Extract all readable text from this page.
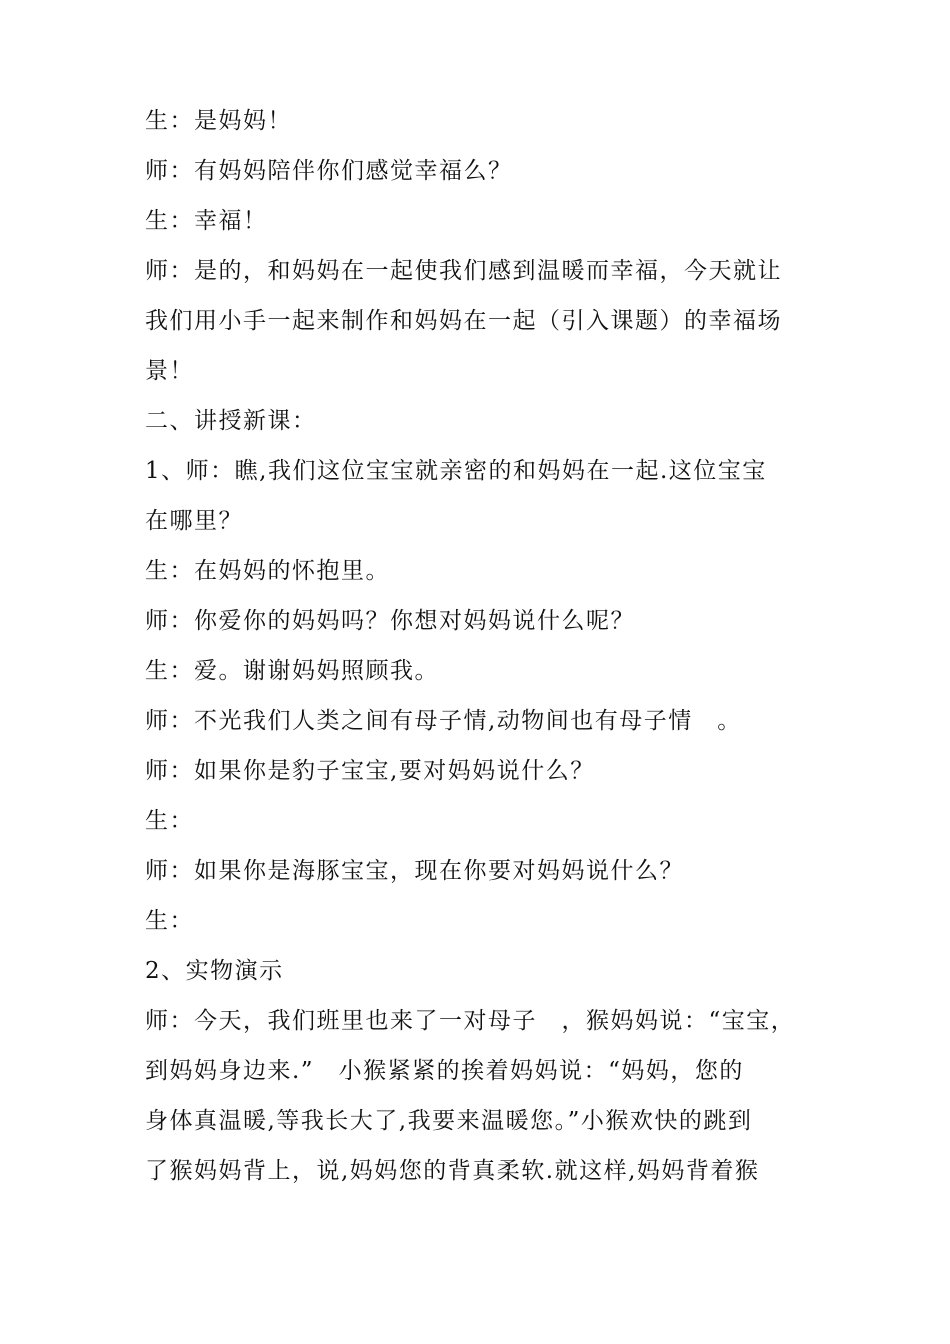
生：是妈妈！
师：有妈妈陪伴你们感觉幸福么？
生：幸福！
师：是的，和妈妈在一起使我们感到温暖而幸福，今天就让
我们用小手一起来制作和妈妈在一起（引入课题）的幸福场
景！
二、讲授新课：
1、师：瞧,我们这位宝宝就亲密的和妈妈在一起.这位宝宝
在哪里？
生：在妈妈的怀抱里。
师：你爱你的妈妈吗？你想对妈妈说什么呢？
生：爱。谢谢妈妈照顾我。
师：不光我们人类之间有母子情,动物间也有母子情　。
师：如果你是豹子宝宝,要对妈妈说什么？
生：
师：如果你是海豚宝宝，现在你要对妈妈说什么？
生：
2、实物演示
师：今天，我们班里也来了一对母子　，猴妈妈说：“宝宝，
到妈妈身边来.”　小猴紧紧的挨着妈妈说：“妈妈，您的
身体真温暖,等我长大了,我要来温暖您。”小猴欢快的跳到
了猴妈妈背上，说,妈妈您的背真柔软.就这样,妈妈背着猴
